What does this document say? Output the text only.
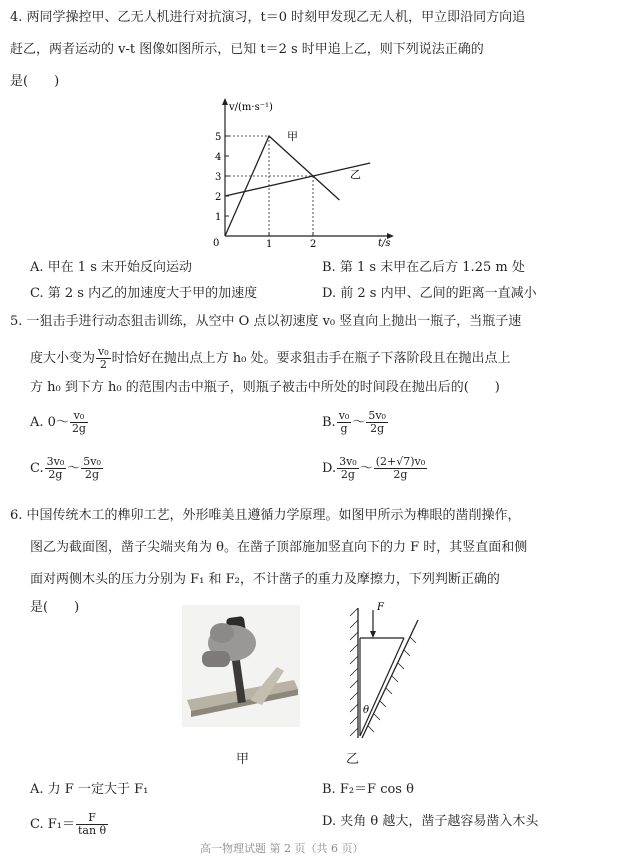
4. 两同学操控甲、乙无人机进行对抗演习，t＝0 时刻甲发现乙无人机，甲立即沿同方向追
赶乙，两者运动的 v-t 图像如图所示，已知 t＝2 s 时甲追上乙，则下列说法正确的
是(　　)
v/(m·s⁻¹)
t/s
0
1
2
3
4
5
1	2
甲
乙
A. 甲在 1 s 末开始反向运动	B. 第 1 s 末甲在乙后方 1.25 m 处
C. 第 2 s 内乙的加速度大于甲的加速度	D. 前 2 s 内甲、乙间的距离一直减小
5. 一狙击手进行动态狙击训练，从空中 O 点以初速度 v₀ 竖直向上抛出一瓶子，当瓶子速
度大小变为 $\frac{\text{v₀}}{2}$ 时恰好在抛出点上方 h₀ 处。要求狙击手在瓶子下落阶段且在抛出点上
方 h₀ 到下方 h₀ 的范围内击中瓶子，则瓶子被击中所处的时间段在抛出后的(　　)
A. 0～ $\frac{\text{v₀}}{2g}$	B. $\frac{\text{v₀}}{g}$ ～ $\frac{\text{5v₀}}{2g}$
C. $\frac{\text{3v₀}}{2g}$ ～ $\frac{\text{5v₀}}{2g}$	D. $\frac{\text{3v₀}}{2g}$ ～ $\frac{\text{(2+√7)v₀}}{2g}$
6. 中国传统木工的榫卯工艺，外形唯美且遵循力学原理。如图甲所示为榫眼的凿削操作，
图乙为截面图，凿子尖端夹角为 θ。在凿子顶部施加竖直向下的力 F 时，其竖直面和侧
面对两侧木头的压力分别为 F₁ 和 F₂，不计凿子的重力及摩擦力，下列判断正确的
是(　　)
甲
F
θ
乙
A. 力 F 一定大于 F₁	B. F₂＝F cos θ
C. $F_1= \frac{F}{\text{tan θ}}$	D. 夹角 θ 越大，凿子越容易凿入木头
高一物理试题 第 2 页（共 6 页）
